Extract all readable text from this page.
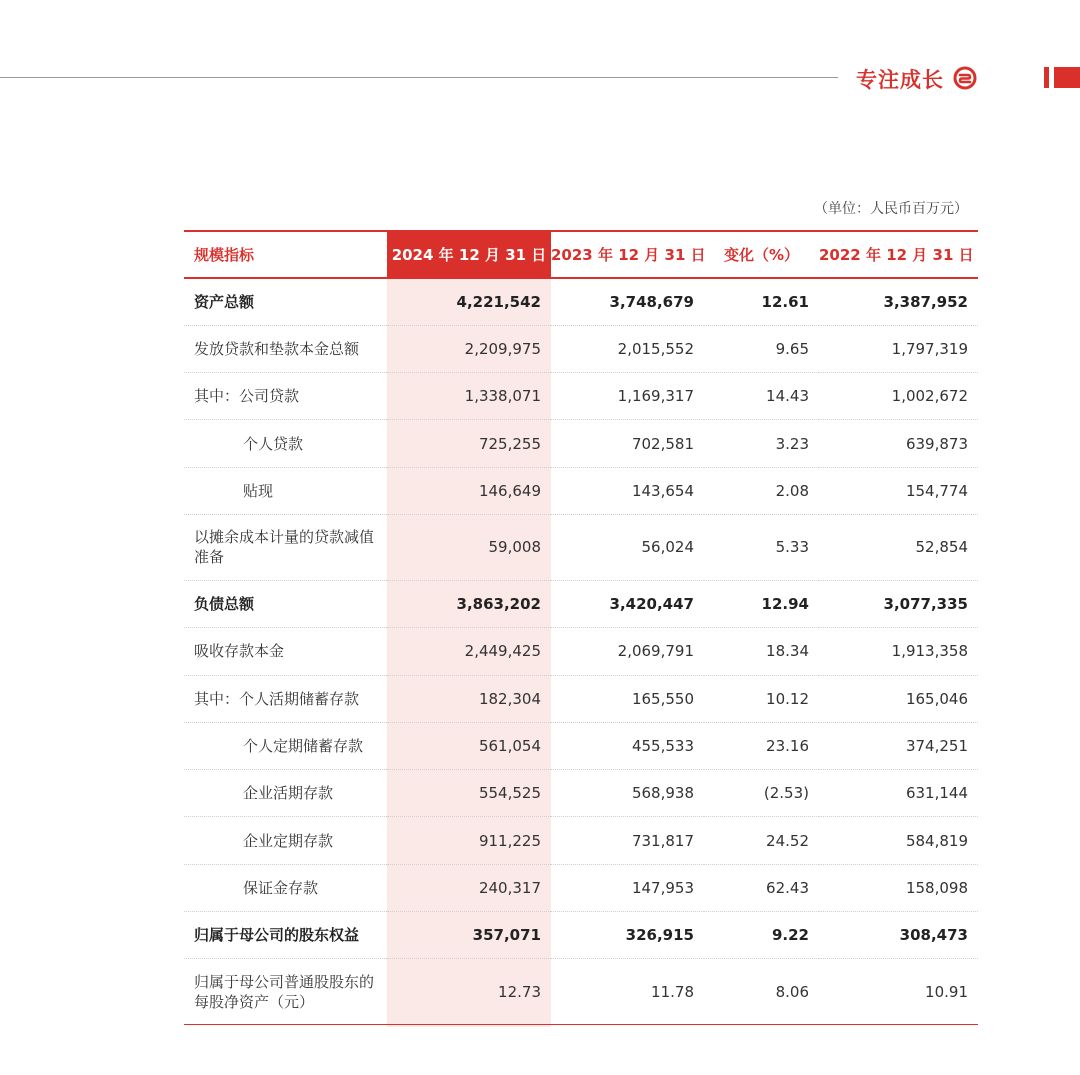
专注成长
（单位：人民币百万元）
规模指标	2024 年 12 月 31 日	2023 年 12 月 31 日	变化（%）	2022 年 12 月 31 日
资产总额	4,221,542	3,748,679	12.61	3,387,952
发放贷款和垫款本金总额	2,209,975	2,015,552	9.65	1,797,319
其中：公司贷款	1,338,071	1,169,317	14.43	1,002,672
个人贷款	725,255	702,581	3.23	639,873
贴现	146,649	143,654	2.08	154,774
以摊余成本计量的贷款减值准备	59,008	56,024	5.33	52,854
负债总额	3,863,202	3,420,447	12.94	3,077,335
吸收存款本金	2,449,425	2,069,791	18.34	1,913,358
其中：个人活期储蓄存款	182,304	165,550	10.12	165,046
个人定期储蓄存款	561,054	455,533	23.16	374,251
企业活期存款	554,525	568,938	(2.53)	631,144
企业定期存款	911,225	731,817	24.52	584,819
保证金存款	240,317	147,953	62.43	158,098
归属于母公司的股东权益	357,071	326,915	9.22	308,473
归属于母公司普通股股东的每股净资产（元）	12.73	11.78	8.06	10.91
